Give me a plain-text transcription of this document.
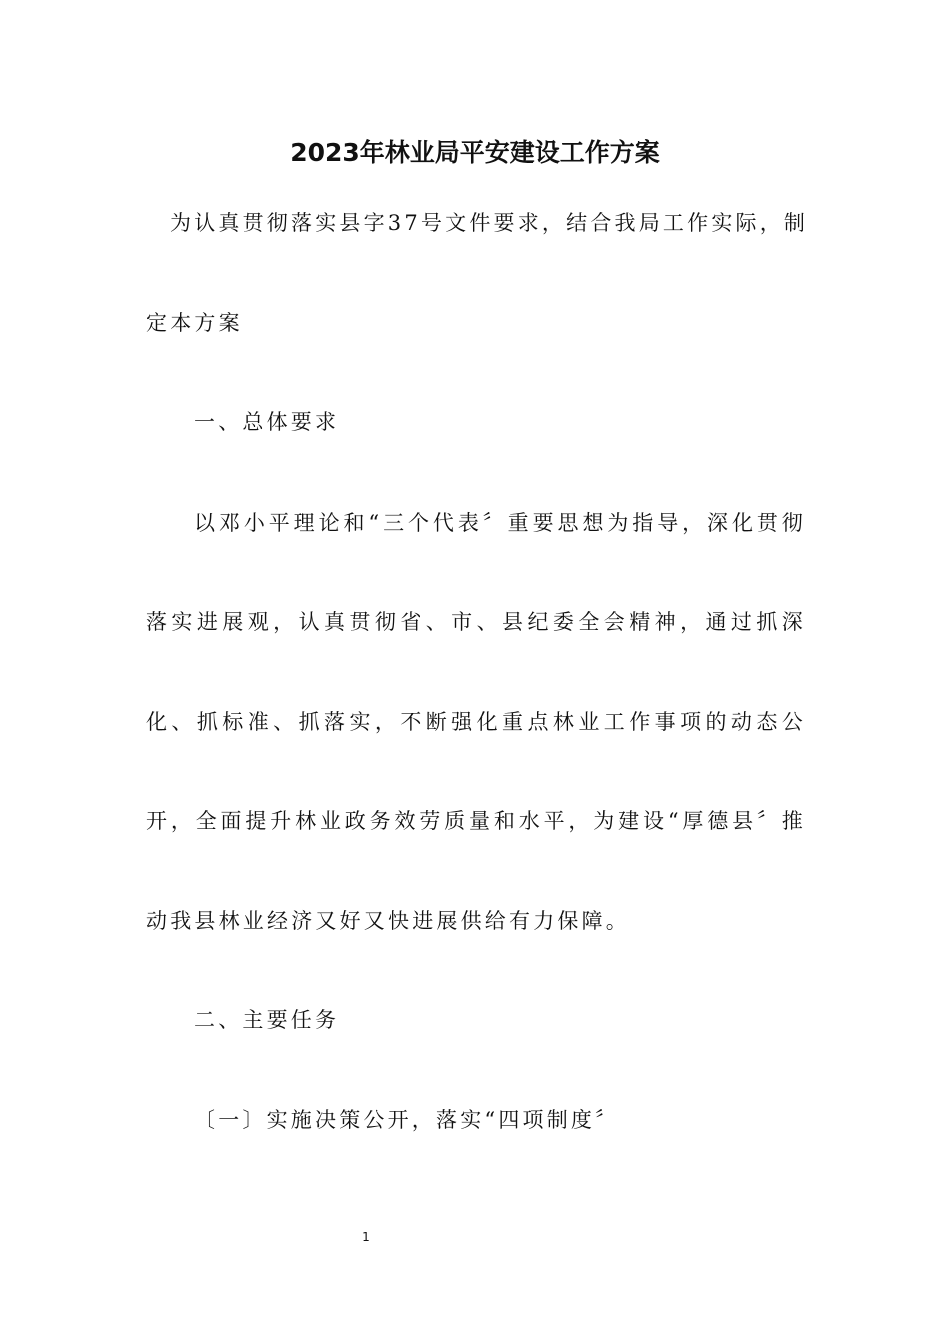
2023年林业局平安建设工作方案

为认真贯彻落实县字37号文件要求，结合我局工作实际，制

定本方案

一、总体要求

以邓小平理论和“三个代表〞重要思想为指导，深化贯彻

落实进展观，认真贯彻省、市、县纪委全会精神，通过抓深

化、抓标准、抓落实，不断强化重点林业工作事项的动态公

开，全面提升林业政务效劳质量和水平，为建设“厚德县〞推

动我县林业经济又好又快进展供给有力保障。

二、主要任务

〔一〕实施决策公开，落实“四项制度〞

1
